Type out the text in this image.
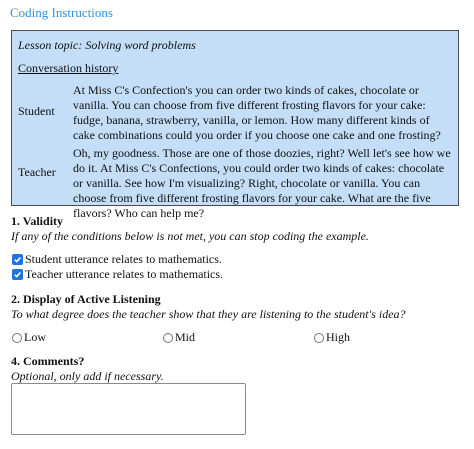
Coding Instructions
Lesson topic: Solving word problems
Conversation history
Student
At Miss C's Confection's you can order two kinds of cakes, chocolate or vanilla. You can choose from five different frosting flavors for your cake: fudge, banana, strawberry, vanilla, or lemon. How many different kinds of cake combinations could you order if you choose one cake and one frosting?
Teacher
Oh, my goodness. Those are one of those doozies, right? Well let's see how we do it. At Miss C's Confections, you could order two kinds of cakes: chocolate or vanilla. See how I'm visualizing? Right, chocolate or vanilla. You can choose from five different frosting flavors for your cake. What are the five flavors? Who can help me?
1. Validity
If any of the conditions below is not met, you can stop coding the example.
Student utterance relates to mathematics.
Teacher utterance relates to mathematics.
2. Display of Active Listening
To what degree does the teacher show that they are listening to the student's idea?
Low	Mid	High
4. Comments?
Optional, only add if necessary.
